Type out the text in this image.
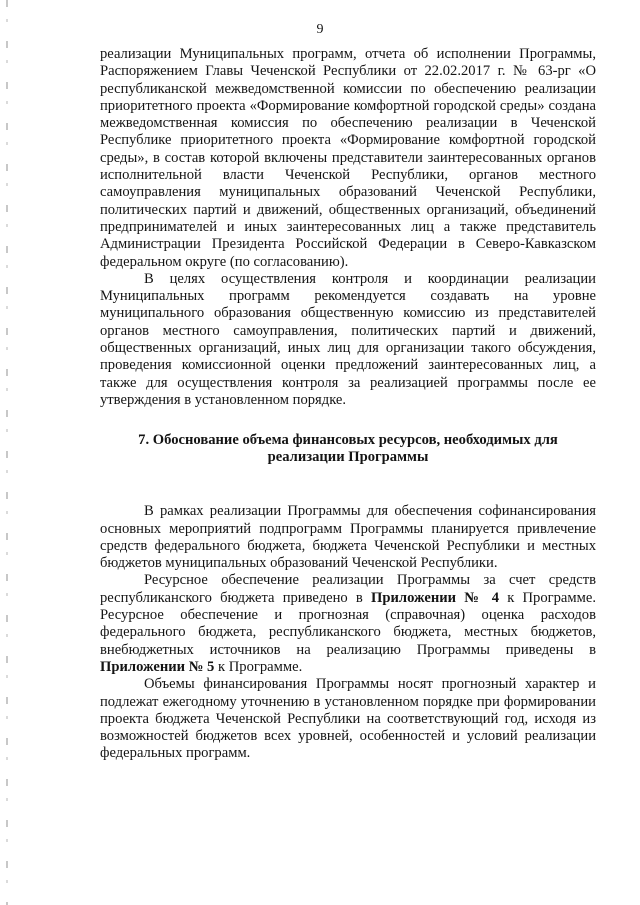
9

реализации Муниципальных программ, отчета об исполнении Программы, Распоряжением Главы Чеченской Республики от 22.02.2017 г. № 63-рг «О республиканской межведомственной комиссии по обеспечению реализации приоритетного проекта «Формирование комфортной городской среды» создана межведомственная комиссия по обеспечению реализации в Чеченской Республике приоритетного проекта «Формирование комфортной городской среды», в состав которой включены представители заинтересованных органов исполнительной власти Чеченской Республики, органов местного самоуправления муниципальных образований Чеченской Республики, политических партий и движений, общественных организаций, объединений предпринимателей и иных заинтересованных лиц а также представитель Администрации Президента Российской Федерации в Северо-Кавказском федеральном округе (по согласованию).

В целях осуществления контроля и координации реализации Муниципальных программ рекомендуется создавать на уровне муниципального образования общественную комиссию из представителей органов местного самоуправления, политических партий и движений, общественных организаций, иных лиц для организации такого обсуждения, проведения комиссионной оценки предложений заинтересованных лиц, а также для осуществления контроля за реализацией программы после ее утверждения в установленном порядке.

7. Обоснование объема финансовых ресурсов, необходимых для
реализации Программы

В рамках реализации Программы для обеспечения софинансирования основных мероприятий подпрограмм Программы планируется привлечение средств федерального бюджета, бюджета Чеченской Республики и местных бюджетов муниципальных образований Чеченской Республики.

Ресурсное обеспечение реализации Программы за счет средств республиканского бюджета приведено в Приложении № 4 к Программе. Ресурсное обеспечение и прогнозная (справочная) оценка расходов федерального бюджета, республиканского бюджета, местных бюджетов, внебюджетных источников на реализацию Программы приведены в Приложении № 5 к Программе.

Объемы финансирования Программы носят прогнозный характер и подлежат ежегодному уточнению в установленном порядке при формировании проекта бюджета Чеченской Республики на соответствующий год, исходя из возможностей бюджетов всех уровней, особенностей и условий реализации федеральных программ.
